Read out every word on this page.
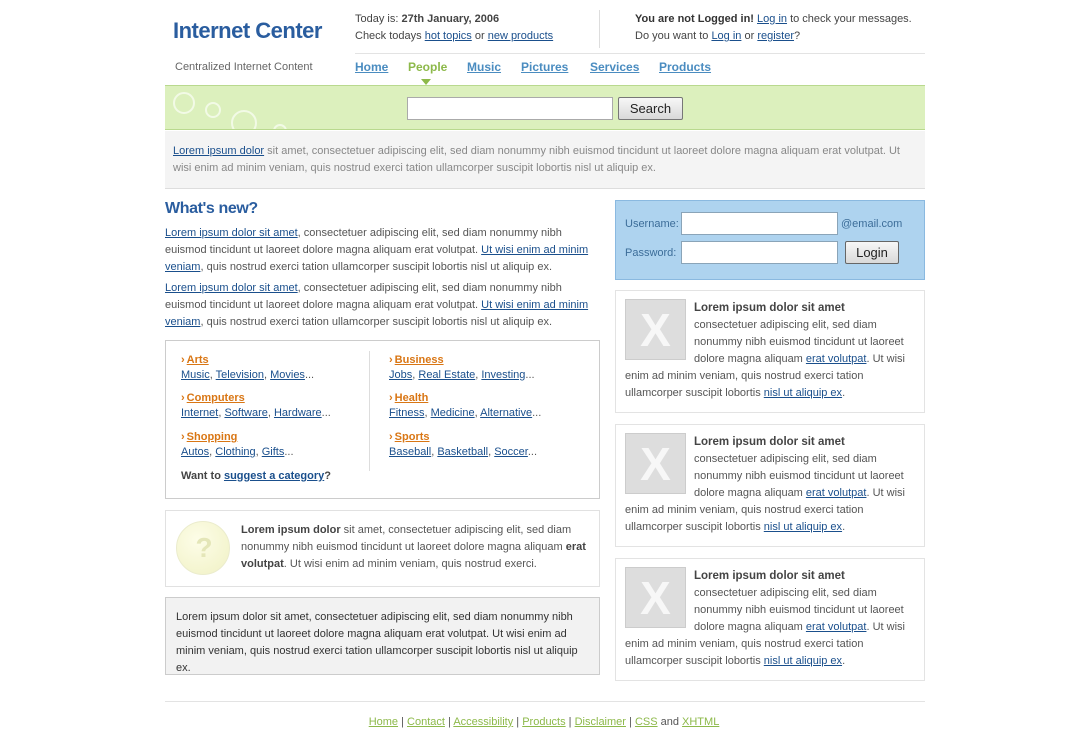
Internet Center
Centralized Internet Content
Today is: 27th January, 2006
Check todays hot topics or new products
You are not Logged in! Log in to check your messages.
Do you want to Log in or register?
Home People Music Pictures Services Products
Search
Lorem ipsum dolor sit amet, consectetuer adipiscing elit, sed diam nonummy nibh euismod tincidunt ut laoreet dolore magna aliquam erat volutpat. Ut wisi enim ad minim veniam, quis nostrud exerci tation ullamcorper suscipit lobortis nisl ut aliquip ex.
What's new?
Lorem ipsum dolor sit amet, consectetuer adipiscing elit, sed diam nonummy nibh euismod tincidunt ut laoreet dolore magna aliquam erat volutpat. Ut wisi enim ad minim veniam, quis nostrud exerci tation ullamcorper suscipit lobortis nisl ut aliquip ex.
Lorem ipsum dolor sit amet, consectetuer adipiscing elit, sed diam nonummy nibh euismod tincidunt ut laoreet dolore magna aliquam erat volutpat. Ut wisi enim ad minim veniam, quis nostrud exerci tation ullamcorper suscipit lobortis nisl ut aliquip ex.
› Arts
Music, Television, Movies...
› Business
Jobs, Real Estate, Investing...
› Computers
Internet, Software, Hardware...
› Health
Fitness, Medicine, Alternative...
› Shopping
Autos, Clothing, Gifts...
› Sports
Baseball, Basketball, Soccer...
Want to suggest a category?
?
Lorem ipsum dolor sit amet, consectetuer adipiscing elit, sed diam nonummy nibh euismod tincidunt ut laoreet dolore magna aliquam erat volutpat. Ut wisi enim ad minim veniam, quis nostrud exerci.
Lorem ipsum dolor sit amet, consectetuer adipiscing elit, sed diam nonummy nibh euismod tincidunt ut laoreet dolore magna aliquam erat volutpat. Ut wisi enim ad minim veniam, quis nostrud exerci tation ullamcorper suscipit lobortis nisl ut aliquip ex.
Username:	@email.com
Password:	Login
X	Lorem ipsum dolor sit amet
consectetuer adipiscing elit, sed diam nonummy nibh euismod tincidunt ut laoreet dolore magna aliquam erat volutpat. Ut wisi enim ad minim veniam, quis nostrud exerci tation ullamcorper suscipit lobortis nisl ut aliquip ex.
X	Lorem ipsum dolor sit amet
consectetuer adipiscing elit, sed diam nonummy nibh euismod tincidunt ut laoreet dolore magna aliquam erat volutpat. Ut wisi enim ad minim veniam, quis nostrud exerci tation ullamcorper suscipit lobortis nisl ut aliquip ex.
X	Lorem ipsum dolor sit amet
consectetuer adipiscing elit, sed diam nonummy nibh euismod tincidunt ut laoreet dolore magna aliquam erat volutpat. Ut wisi enim ad minim veniam, quis nostrud exerci tation ullamcorper suscipit lobortis nisl ut aliquip ex.
Home | Contact | Accessibility | Products | Disclaimer | CSS and XHTML
